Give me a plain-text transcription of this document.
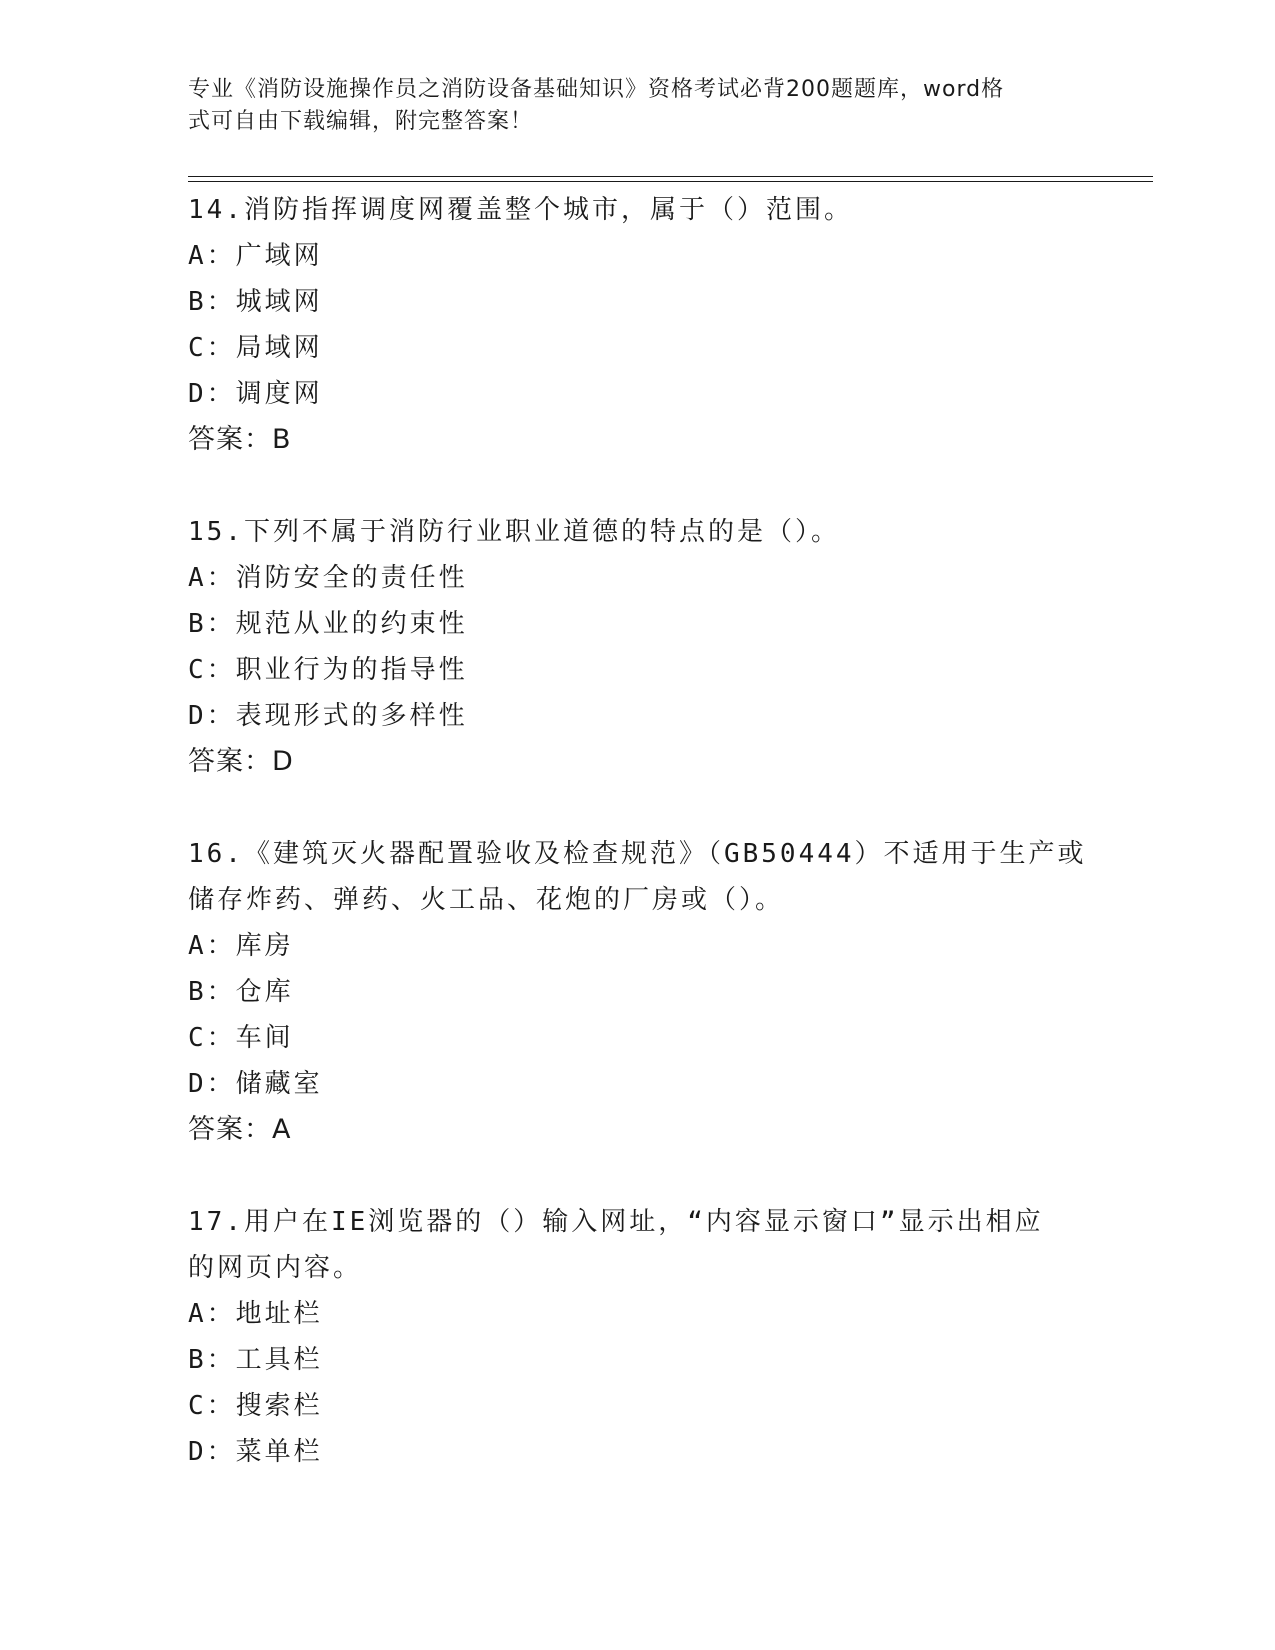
专业《消防设施操作员之消防设备基础知识》资格考试必背200题题库，word格
式可自由下载编辑，附完整答案！
14.消防指挥调度网覆盖整个城市，属于（）范围。
A：广域网
B：城域网
C：局域网
D：调度网
答案：B
15.下列不属于消防行业职业道德的特点的是（）。
A：消防安全的责任性
B：规范从业的约束性
C：职业行为的指导性
D：表现形式的多样性
答案：D
16.《建筑灭火器配置验收及检查规范》（GB50444）不适用于生产或
储存炸药、弹药、火工品、花炮的厂房或（）。
A：库房
B：仓库
C：车间
D：储藏室
答案：A
17.用户在IE浏览器的（）输入网址，“内容显示窗口”显示出相应
的网页内容。
A：地址栏
B：工具栏
C：搜索栏
D：菜单栏
